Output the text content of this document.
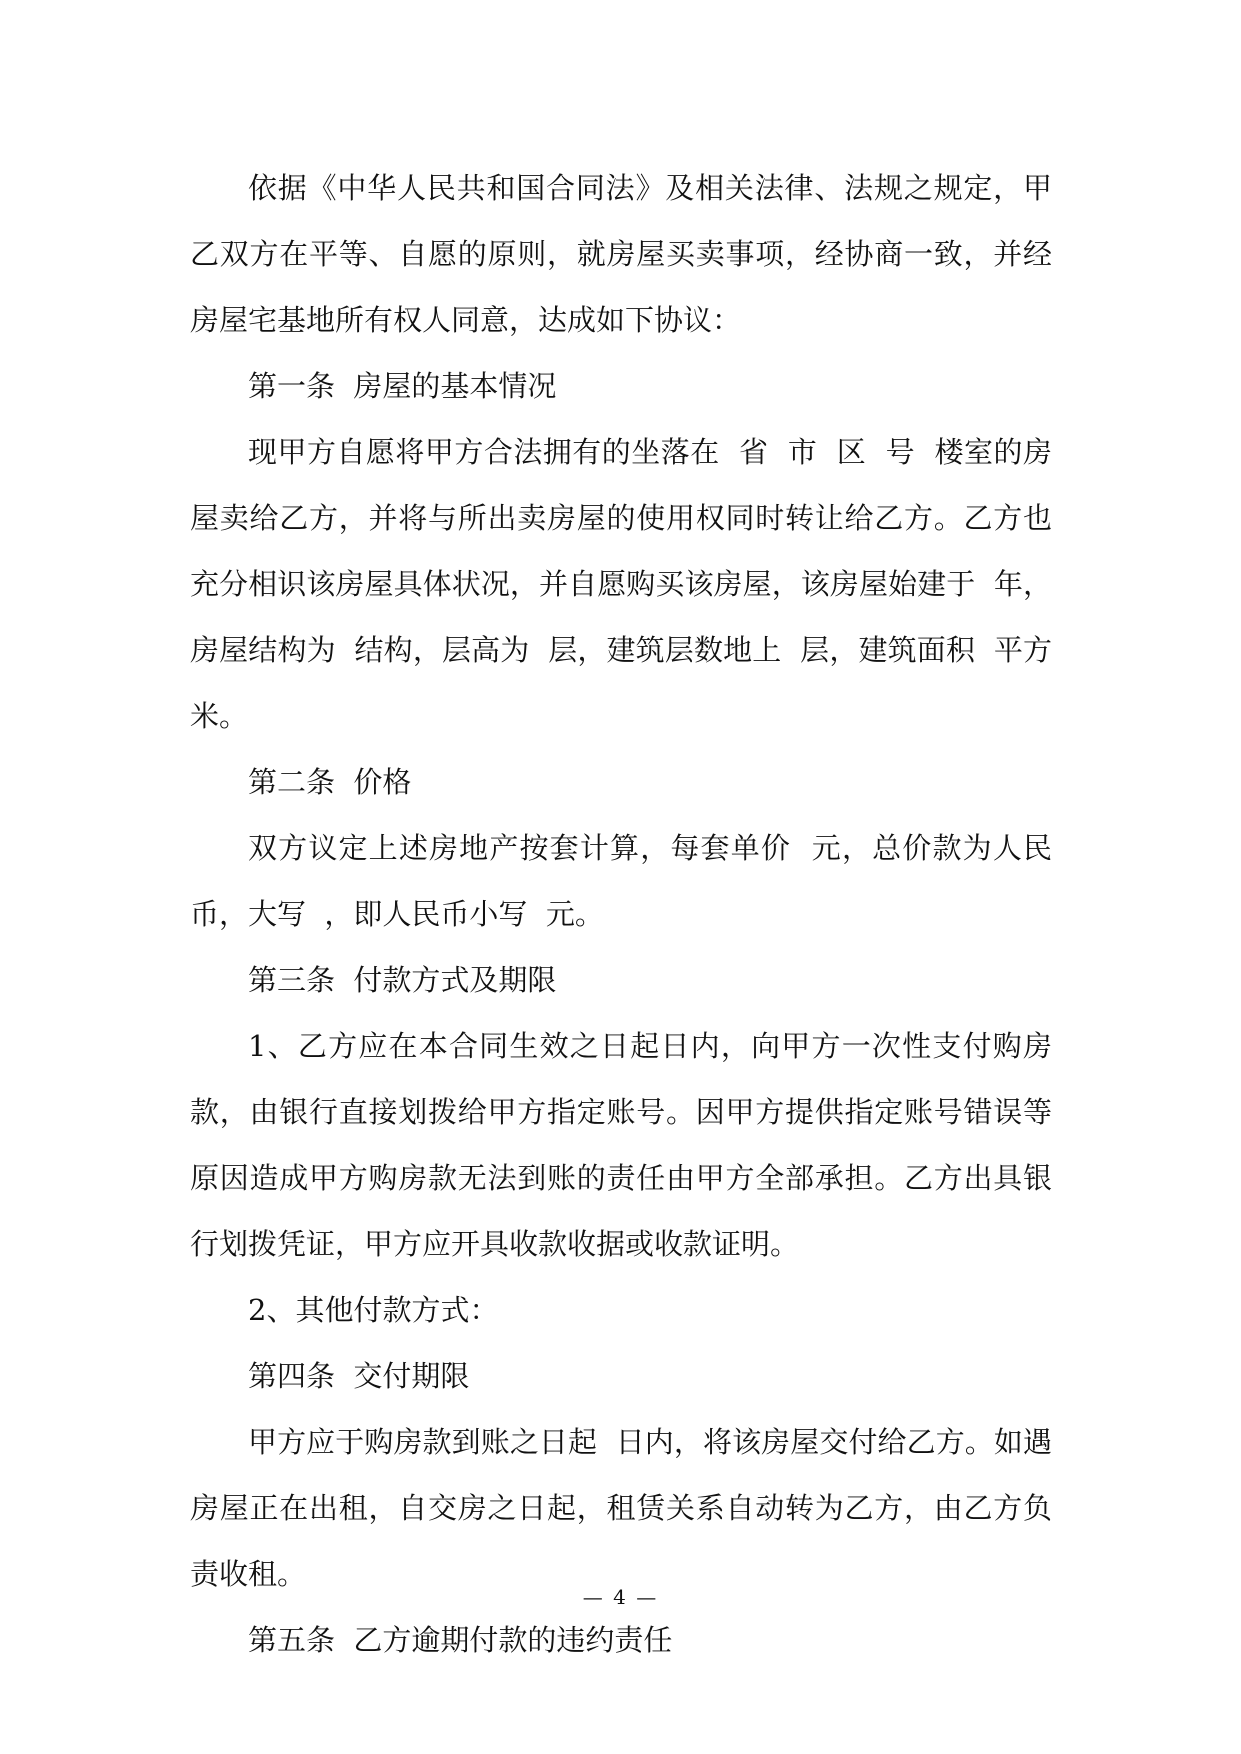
依据《中华人民共和国合同法》及相关法律、法规之规定，甲乙双方在平等、自愿的原则，就房屋买卖事项，经协商一致，并经房屋宅基地所有权人同意，达成如下协议：

第一条  房屋的基本情况

现甲方自愿将甲方合法拥有的坐落在  省  市  区  号  楼室的房屋卖给乙方，并将与所出卖房屋的使用权同时转让给乙方。乙方也充分相识该房屋具体状况，并自愿购买该房屋，该房屋始建于  年，房屋结构为  结构，层高为  层，建筑层数地上  层，建筑面积  平方米。

第二条  价格

双方议定上述房地产按套计算，每套单价  元，总价款为人民币，大写  ，即人民币小写  元。

第三条  付款方式及期限

1、乙方应在本合同生效之日起日内，向甲方一次性支付购房款，由银行直接划拨给甲方指定账号。因甲方提供指定账号错误等原因造成甲方购房款无法到账的责任由甲方全部承担。乙方出具银行划拨凭证，甲方应开具收款收据或收款证明。

2、其他付款方式：

第四条  交付期限

甲方应于购房款到账之日起  日内，将该房屋交付给乙方。如遇房屋正在出租，自交房之日起，租赁关系自动转为乙方，由乙方负责收租。

第五条  乙方逾期付款的违约责任

— 4 —
